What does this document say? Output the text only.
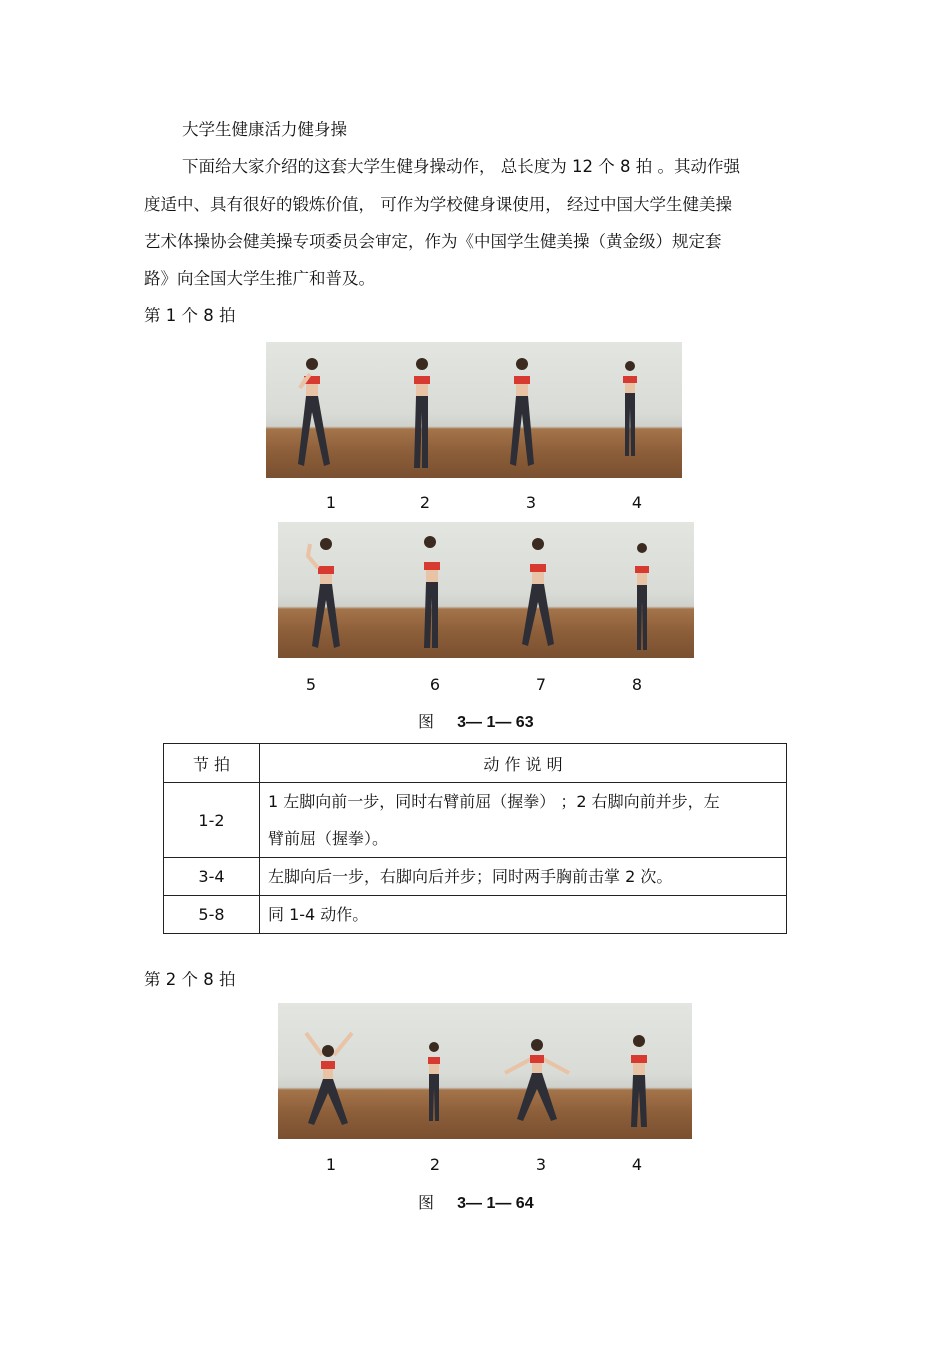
大学生健康活力健身操
下面给大家介绍的这套大学生健身操动作， 总长度为 12 个 8 拍 。其动作强
度适中、具有很好的锻炼价值， 可作为学校健身课使用， 经过中国大学生健美操
艺术体操协会健美操专项委员会审定，作为《中国学生健美操（黄金级）规定套
路》向全国大学生推广和普及。
第 1 个 8 拍
1	2	3	4
5	6	7	8
图 3— 1— 63
节 拍	动 作 说 明
1-2	1 左脚向前一步，同时右臂前屈（握拳） ；2 右脚向前并步，左
臂前屈（握拳）。

3-4	左脚向后一步，右脚向后并步；同时两手胸前击掌 2 次。
5-8	同 1-4 动作。
第 2 个 8 拍
1	2	3	4
图 3— 1— 64
